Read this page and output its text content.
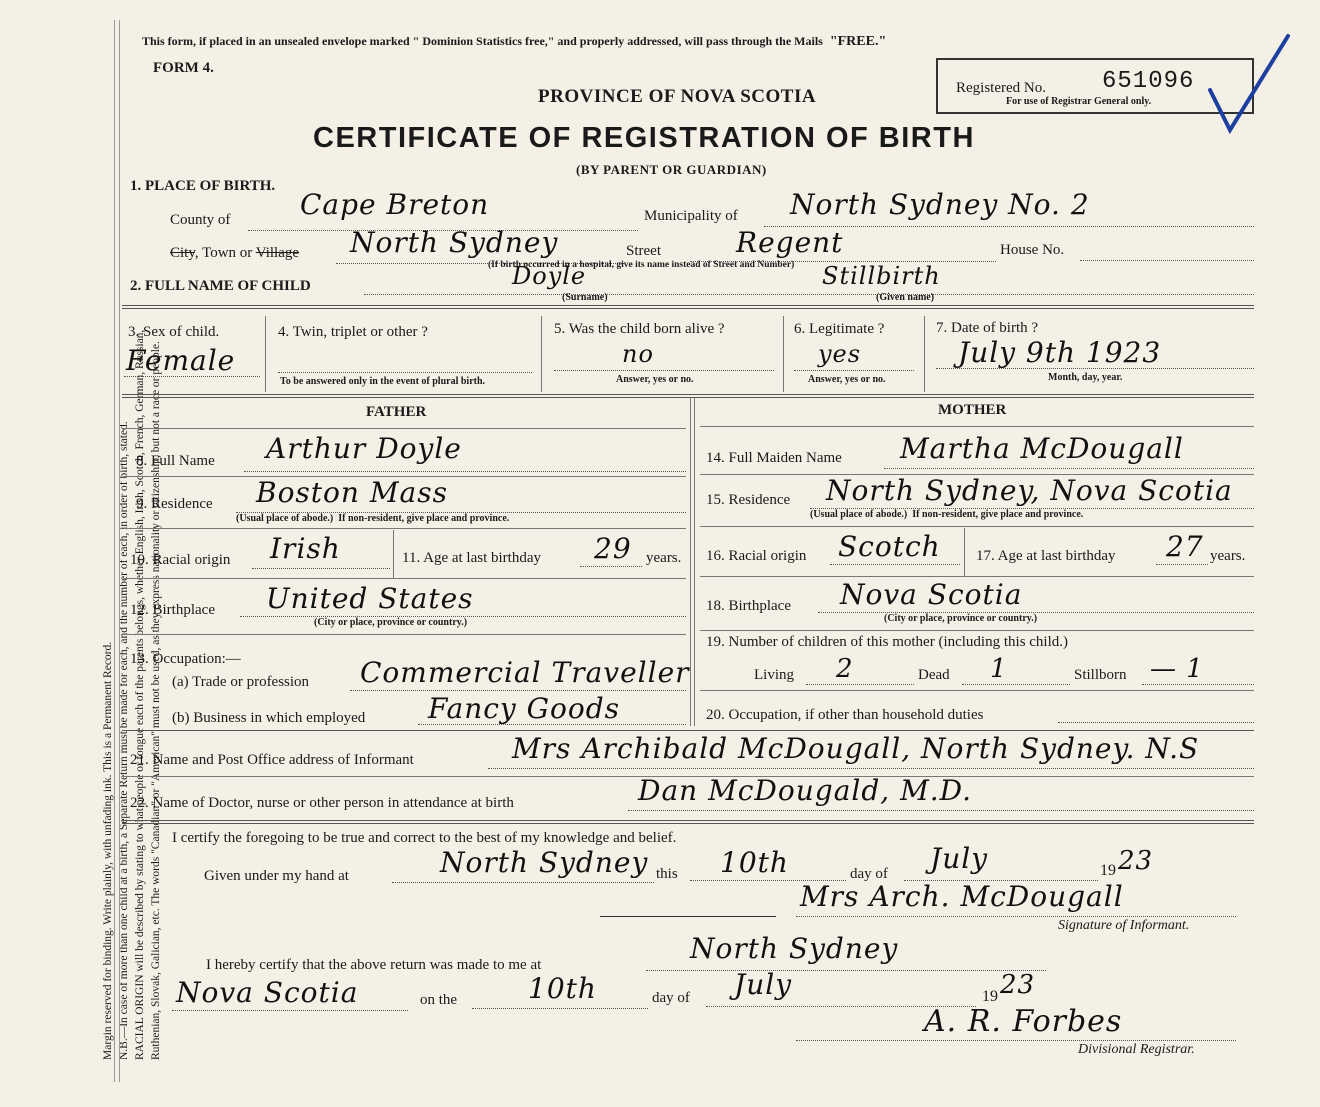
Margin reserved for binding. Write plainly, with unfading ink. This is a Permanent Record. N.B.—In case of more than one child at a birth, a Separate Return must be made for each, and the number of each, in order of birth, stated. RACIAL ORIGIN will be described by stating to what people or tongue each of the parents belongs, whether English, Irish, Scotch, French, German, Russian, Ruthenian, Slovak, Galician, etc. The words "Canadian" or "American" must not be used, as they express nationality or citizenship, but not a race or people.
This form, if placed in an unsealed envelope marked " Dominion Statistics free," and properly addressed, will pass through the Mails "FREE."
FORM 4.
PROVINCE OF NOVA SCOTIA
CERTIFICATE OF REGISTRATION OF BIRTH
(BY PARENT OR GUARDIAN)
Registered No. 651096
For use of Registrar General only.
1. PLACE OF BIRTH.
County of Cape Breton	Municipality of North Sydney No. 2
City, Town or Village North Sydney	Street	Regent	House No.
(If birth occurred in a hospital, give its name instead of Street and Number)
2. FULL NAME OF CHILD	Doyle
(Surname)
Stillbirth
(Given name)
3. Sex of child.
Female
4. Twin, triplet or other ?
To be answered only in the event of plural birth.
5. Was the child born alive ?
no
Answer, yes or no.
6. Legitimate ?
yes
Answer, yes or no.
7. Date of birth ?
July 9th 1923
Month, day, year.
FATHER	MOTHER
8. Full Name Arthur Doyle
9. Residence Boston Mass
(Usual place of abode.) If non-resident, give place and province.
10. Racial origin Irish	11. Age at last birthday 29 years.
12. Birthplace United States
(City or place, province or country.)
13. Occupation:—
(a) Trade or profession Commercial Traveller
(b) Business in which employed Fancy Goods
14. Full Maiden Name Martha McDougall
15. Residence North Sydney, Nova Scotia
(Usual place of abode.) If non-resident, give place and province.
16. Racial origin Scotch 17. Age at last birthday 27 years.
18. Birthplace Nova Scotia
(City or place, province or country.)
19. Number of children of this mother (including this child.)
Living 2	Dead 1	Stillborn — 1
20. Occupation, if other than household duties
21. Name and Post Office address of Informant	Mrs Archibald McDougall, North Sydney. N.S
22. Name of Doctor, nurse or other person in attendance at birth	Dan McDougald, M.D.
I certify the foregoing to be true and correct to the best of my knowledge and belief.
Given under my hand at	North Sydney this 10th	day of July	19 23
Mrs Arch. McDougall
Signature of Informant.
I hereby certify that the above return was made to me at	North Sydney
Nova Scotia	on the	10th	day of July	19 23
A. R. Forbes
Divisional Registrar.
